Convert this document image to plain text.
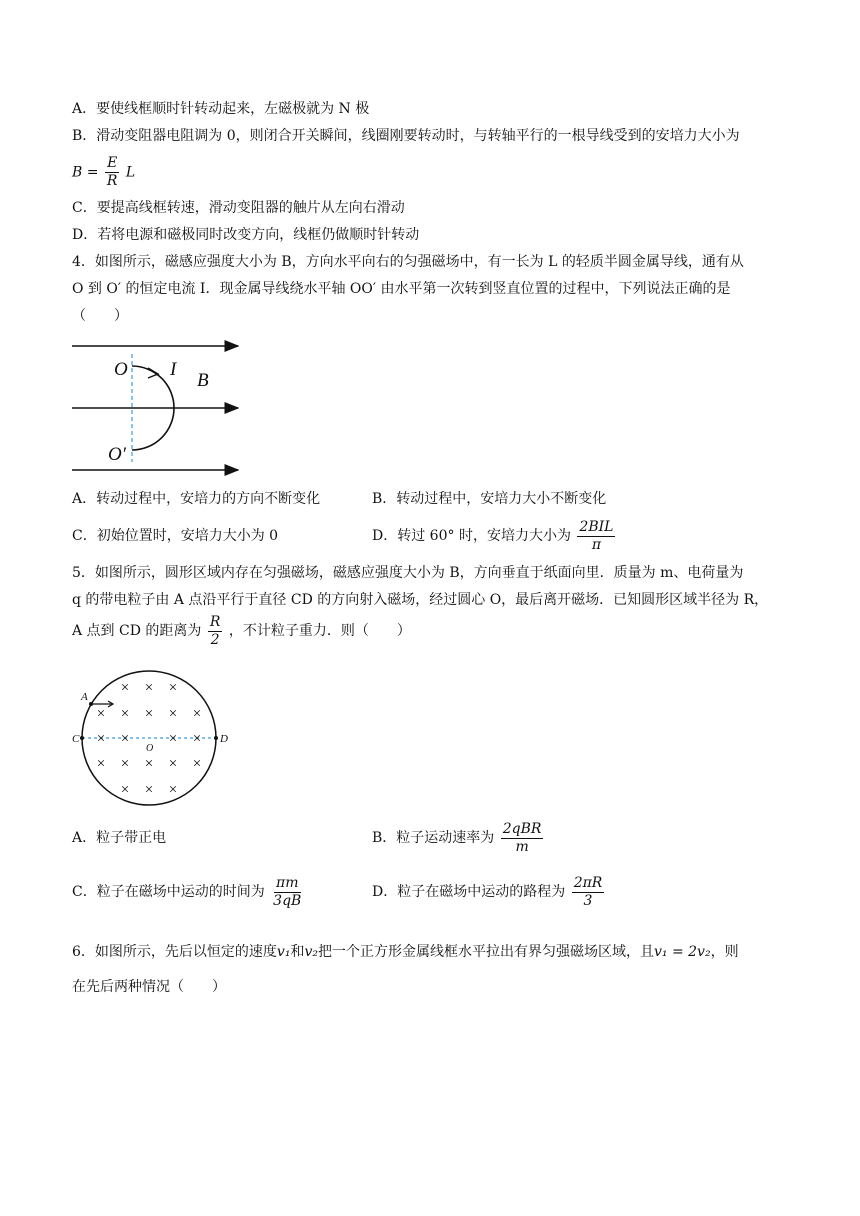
A．要使线框顺时针转动起来，左磁极就为 N 极
B．滑动变阻器电阻调为 0，则闭合开关瞬间，线圈刚要转动时，与转轴平行的一根导线受到的安培力大小为
$B = \frac{E}{R}$ L
C．要提高线框转速，滑动变阻器的触片从左向右滑动
D．若将电源和磁极同时改变方向，线框仍做顺时针转动
4．如图所示，磁感应强度大小为 B，方向水平向右的匀强磁场中，有一长为 L 的轻质半圆金属导线，通有从
O 到 O′ 的恒定电流 I．现金属导线绕水平轴 OO′ 由水平第一次转到竖直位置的过程中，下列说法正确的是
（　　）
O I
B
O′
A．转动过程中，安培力的方向不断变化	B．转动过程中，安培力大小不断变化
C．初始位置时，安培力大小为 0	D．转过 60° 时，安培力大小为 $\frac{\text{2BIL}}{\pi}$
5．如图所示，圆形区域内存在匀强磁场，磁感应强度大小为 B，方向垂直于纸面向里．质量为 m、电荷量为
q 的带电粒子由 A 点沿平行于直径 CD 的方向射入磁场，经过圆心 O，最后离开磁场．已知圆形区域半径为 R，
A 点到 CD 的距离为 $\frac{R}{2}$ ，不计粒子重力．则（　　）
A
C	D
O
× × ×
× × × × ×
× ×	× ×
× × × × ×
× × ×
A．粒子带正电	B．粒子运动速率为 $\frac{\text{2qBR}}{m}$
C．粒子在磁场中运动的时间为 $\frac{\pi m}{3qB}$	D．粒子在磁场中运动的路程为 $\frac{2\pi R}{3}$
6．如图所示，先后以恒定的速度v₁和v₂把一个正方形金属线框水平拉出有界匀强磁场区域，且v₁ = 2v₂，则
在先后两种情况（　　）
